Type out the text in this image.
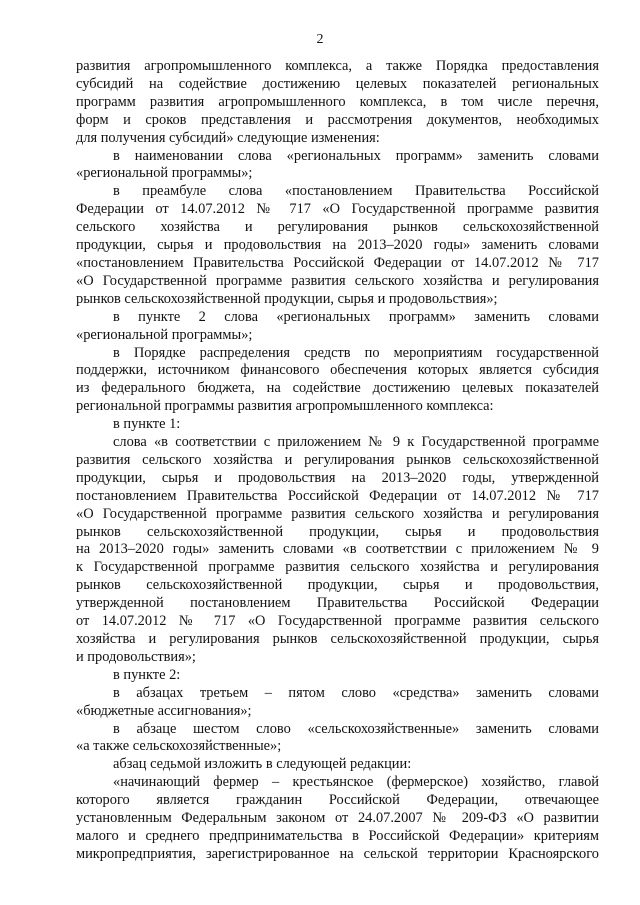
2
развития агропромышленного комплекса, а также Порядка предоставления
субсидий на содействие достижению целевых показателей региональных
программ развития агропромышленного комплекса, в том числе перечня,
форм и сроков представления и рассмотрения документов, необходимых
для получения субсидий» следующие изменения:
в наименовании слова «региональных программ» заменить словами
«региональной программы»;
в преамбуле слова «постановлением Правительства Российской
Федерации от 14.07.2012 № 717 «О Государственной программе развития
сельского хозяйства и регулирования рынков сельскохозяйственной
продукции, сырья и продовольствия на 2013–2020 годы» заменить словами
«постановлением Правительства Российской Федерации от 14.07.2012 № 717
«О Государственной программе развития сельского хозяйства и регулирования
рынков сельскохозяйственной продукции, сырья и продовольствия»;
в пункте 2 слова «региональных программ» заменить словами
«региональной программы»;
в Порядке распределения средств по мероприятиям государственной
поддержки, источником финансового обеспечения которых является субсидия
из федерального бюджета, на содействие достижению целевых показателей
региональной программы развития агропромышленного комплекса:
в пункте 1:
слова «в соответствии с приложением № 9 к Государственной программе
развития сельского хозяйства и регулирования рынков сельскохозяйственной
продукции, сырья и продовольствия на 2013–2020 годы, утвержденной
постановлением Правительства Российской Федерации от 14.07.2012 № 717
«О Государственной программе развития сельского хозяйства и регулирования
рынков сельскохозяйственной продукции, сырья и продовольствия
на 2013–2020 годы» заменить словами «в соответствии с приложением № 9
к Государственной программе развития сельского хозяйства и регулирования
рынков сельскохозяйственной продукции, сырья и продовольствия,
утвержденной постановлением Правительства Российской Федерации
от 14.07.2012 № 717 «О Государственной программе развития сельского
хозяйства и регулирования рынков сельскохозяйственной продукции, сырья
и продовольствия»;
в пункте 2:
в абзацах третьем – пятом слово «средства» заменить словами
«бюджетные ассигнования»;
в абзаце шестом слово «сельскохозяйственные» заменить словами
«а также сельскохозяйственные»;
абзац седьмой изложить в следующей редакции:
«начинающий фермер – крестьянское (фермерское) хозяйство, главой
которого является гражданин Российской Федерации, отвечающее
установленным Федеральным законом от 24.07.2007 № 209-ФЗ «О развитии
малого и среднего предпринимательства в Российской Федерации» критериям
микропредприятия, зарегистрированное на сельской территории Красноярского
